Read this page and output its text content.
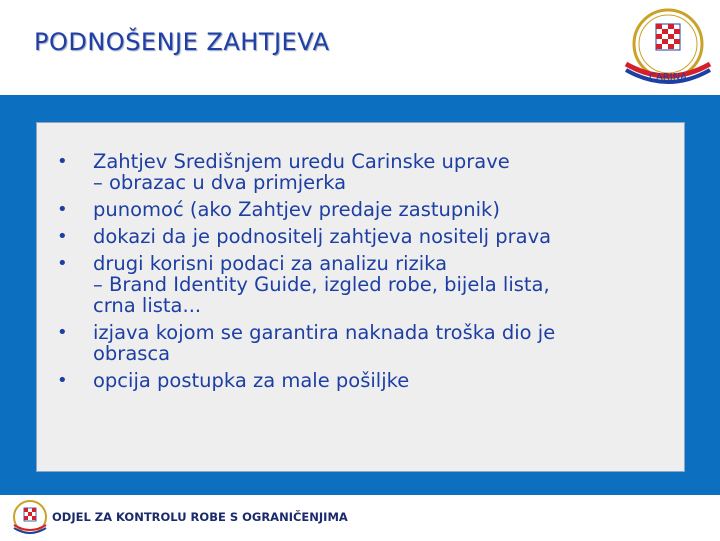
PODNOŠENJE ZAHTJEVA
CARINA
• Zahtjev Središnjem uredu Carinske uprave
– obrazac u dva primjerka
• punomoć (ako Zahtjev predaje zastupnik)
• dokazi da je podnositelj zahtjeva nositelj prava
• drugi korisni podaci za analizu rizika
– Brand Identity Guide, izgled robe, bijela lista,
crna lista...
• izjava kojom se garantira naknada troška dio je
obrasca
• opcija postupka za male pošiljke
ODJEL ZA KONTROLU ROBE S OGRANIČENJIMA
